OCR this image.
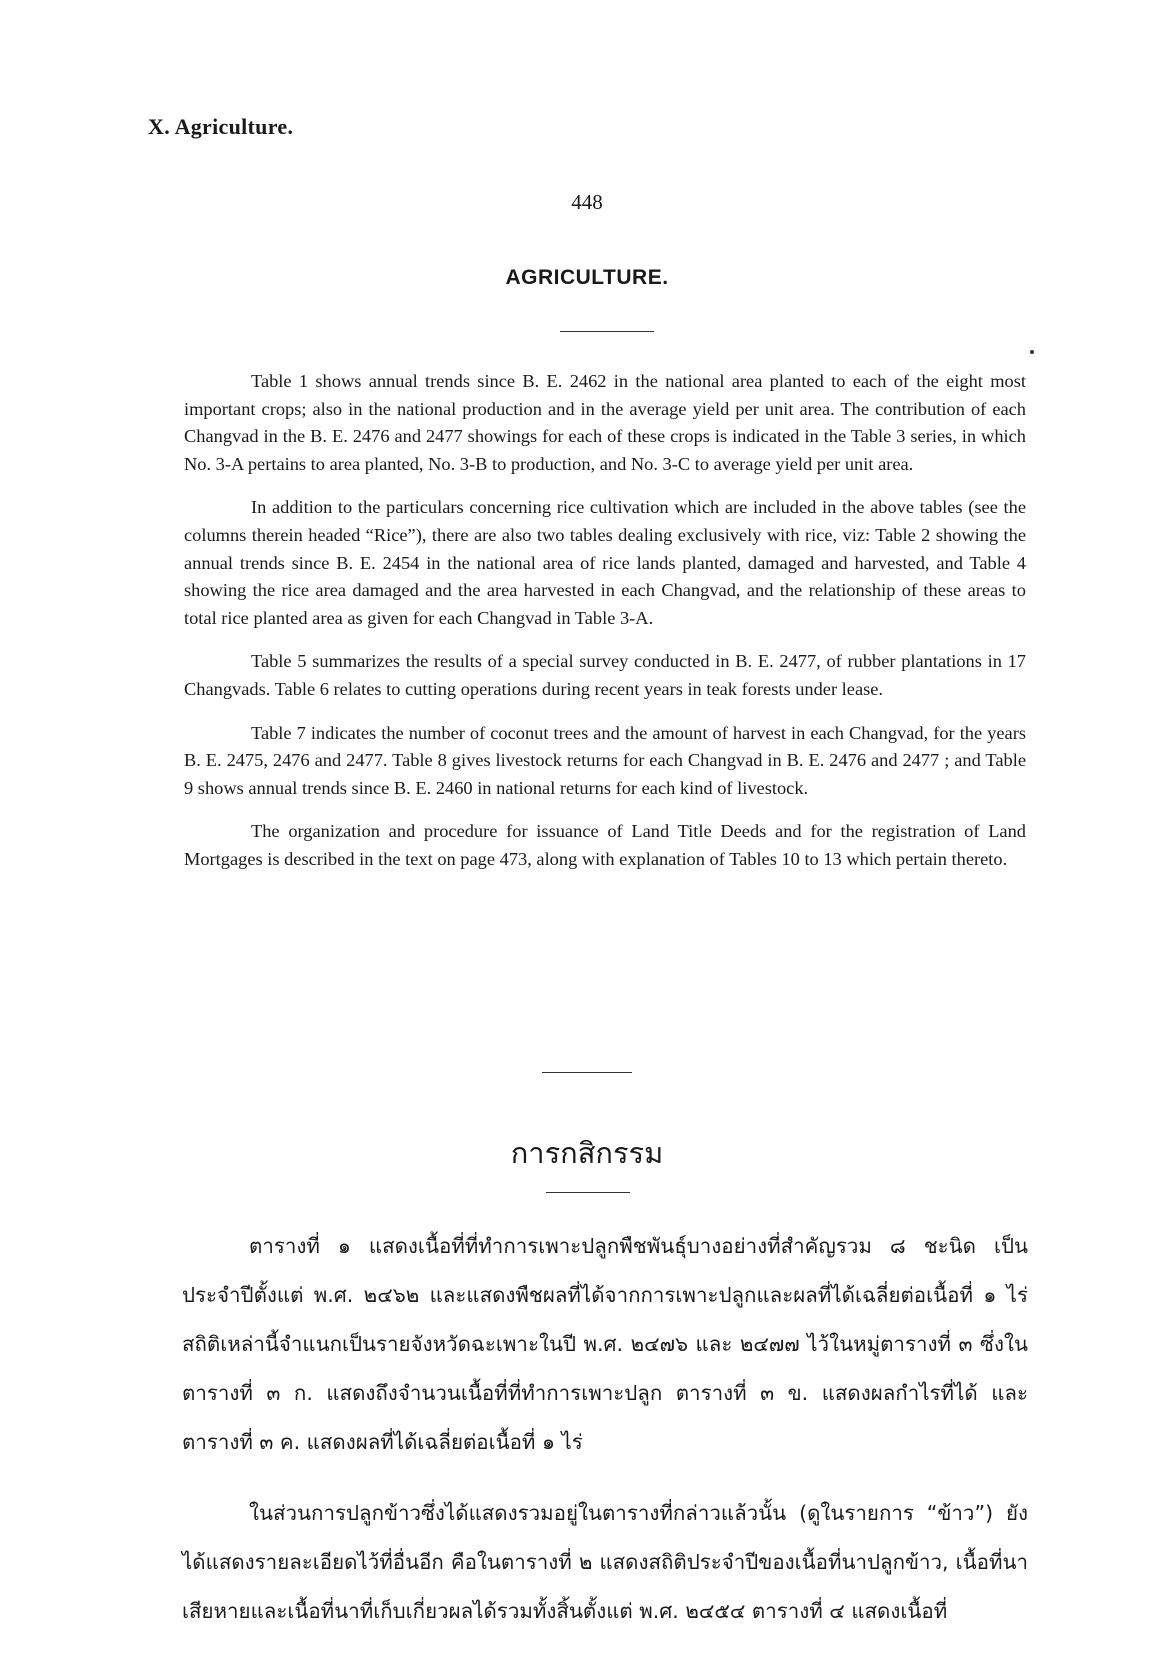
X. Agriculture.
448
AGRICULTURE.

Table 1 shows annual trends since B. E. 2462 in the national area planted to each of the eight most important crops; also in the national production and in the average yield per unit area. The contribution of each Changvad in the B. E. 2476 and 2477 showings for each of these crops is indicated in the Table 3 series, in which No. 3-A pertains to area planted, No. 3-B to production, and No. 3-C to average yield per unit area.

In addition to the particulars concerning rice cultivation which are included in the above tables (see the columns therein headed “Rice”), there are also two tables dealing exclusively with rice, viz: Table 2 showing the annual trends since B. E. 2454 in the national area of rice lands planted, damaged and harvested, and Table 4 showing the rice area damaged and the area harvested in each Changvad, and the relationship of these areas to total rice planted area as given for each Changvad in Table 3-A.

Table 5 summarizes the results of a special survey conducted in B. E. 2477, of rubber plantations in 17 Changvads. Table 6 relates to cutting operations during recent years in teak forests under lease.

Table 7 indicates the number of coconut trees and the amount of harvest in each Changvad, for the years B. E. 2475, 2476 and 2477. Table 8 gives livestock returns for each Changvad in B. E. 2476 and 2477 ; and Table 9 shows annual trends since B. E. 2460 in national returns for each kind of livestock.

The organization and procedure for issuance of Land Title Deeds and for the registration of Land Mortgages is described in the text on page 473, along with explanation of Tables 10 to 13 which pertain thereto.

การกสิกรรม

ตารางที่ ๑ แสดงเนื้อที่ที่ทำการเพาะปลูกพืชพันธุ์บางอย่างที่สำคัญรวม ๘ ชะนิด เป็นประจำปีตั้งแต่ พ.ศ. ๒๔๖๒ และแสดงพืชผลที่ได้จากการเพาะปลูกและผลที่ได้เฉลี่ยต่อเนื้อที่ ๑ ไร่ สถิติเหล่านี้จำแนกเป็นรายจังหวัดฉะเพาะในปี พ.ศ. ๒๔๗๖ และ ๒๔๗๗ ไว้ในหมู่ตารางที่ ๓ ซึ่งในตารางที่ ๓ ก. แสดงถึงจำนวนเนื้อที่ที่ทำการเพาะปลูก ตารางที่ ๓ ข. แสดงผลกำไรที่ได้ และตารางที่ ๓ ค. แสดงผลที่ได้เฉลี่ยต่อเนื้อที่ ๑ ไร่

ในส่วนการปลูกข้าวซึ่งได้แสดงรวมอยู่ในตารางที่กล่าวแล้วนั้น (ดูในรายการ “ข้าว”) ยังได้แสดงรายละเอียดไว้ที่อื่นอีก คือในตารางที่ ๒ แสดงสถิติประจำปีของเนื้อที่นาปลูกข้าว, เนื้อที่นาเสียหายและเนื้อที่นาที่เก็บเกี่ยวผลได้รวมทั้งสิ้นตั้งแต่ พ.ศ. ๒๔๕๔ ตารางที่ ๔ แสดงเนื้อที่
